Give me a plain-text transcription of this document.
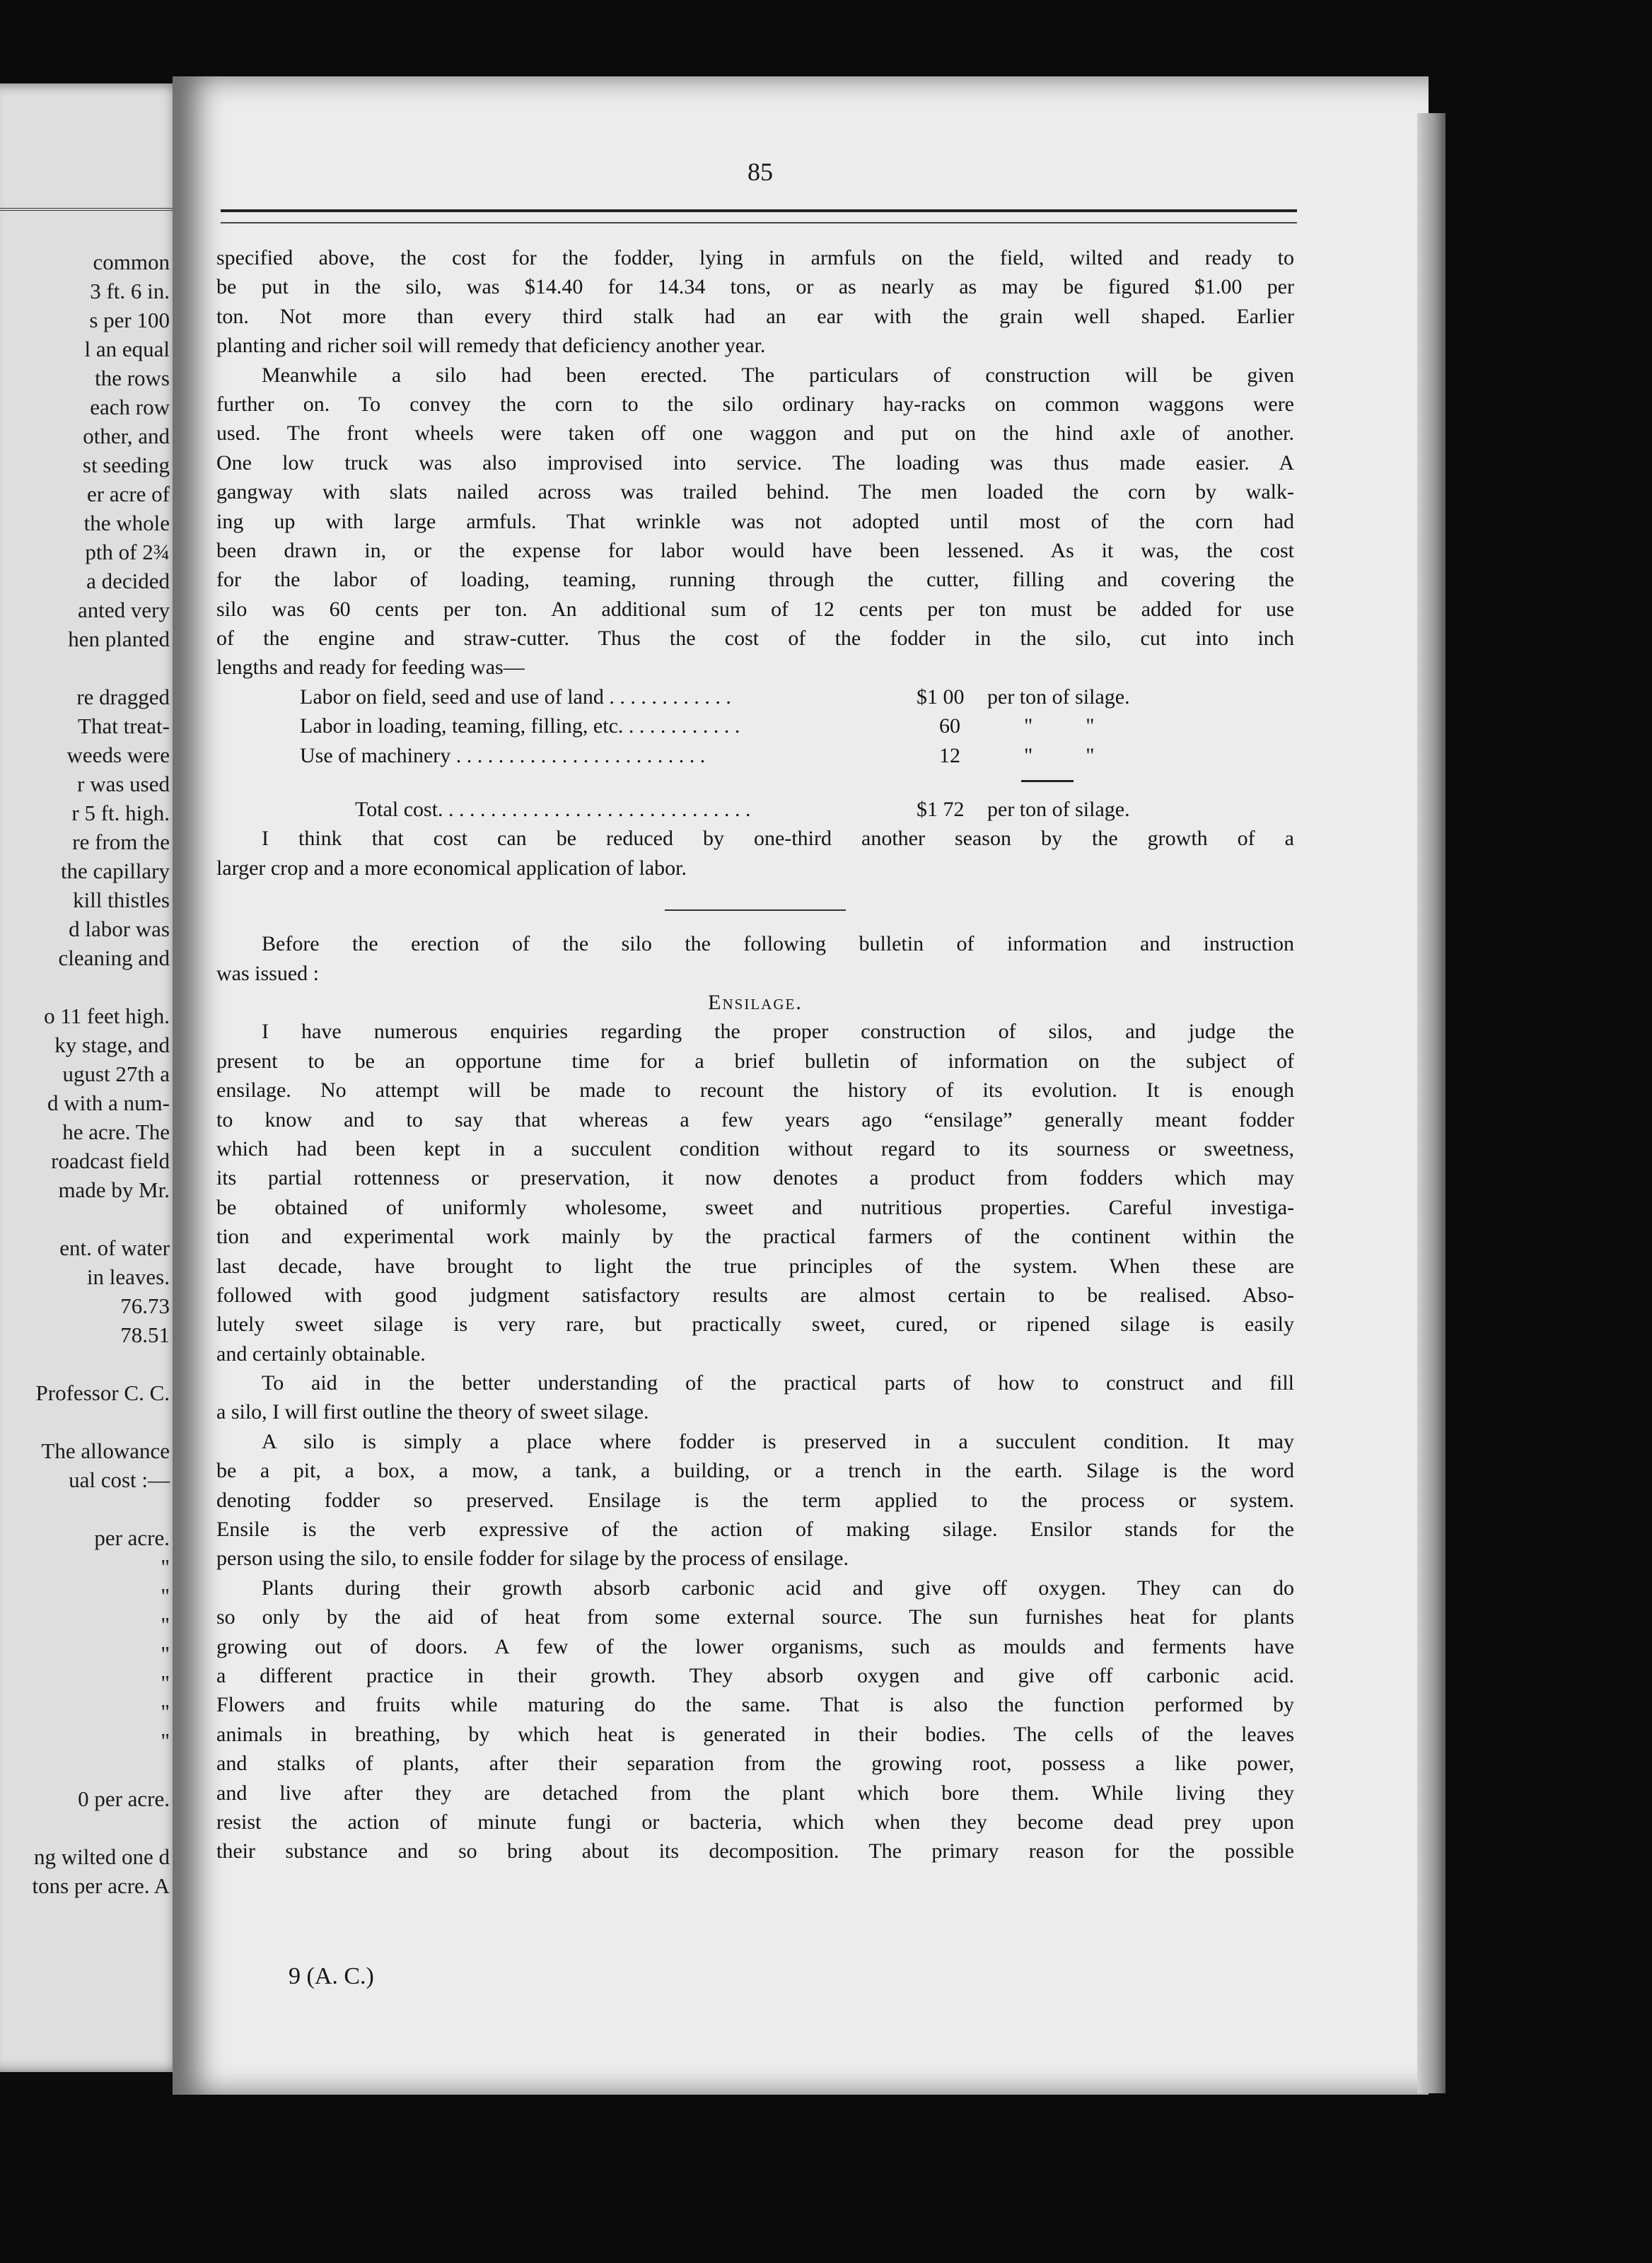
common
3 ft. 6 in.
s per 100
l an equal
the rows
each row
other, and
st seeding
er acre of
the whole
pth of 2¾
a decided
anted very
hen planted
re dragged
That treat-
weeds were
r was used
r 5 ft. high.
re from the
the capillary
kill thistles
d labor was
cleaning and
o 11 feet high.
ky stage, and
ugust 27th a
d with a num-
he acre. The
roadcast field
made by Mr.
ent. of water
in leaves.
76.73
78.51
Professor C. C.
The allowance
ual cost :—
per acre.
"
"
"
"
"
"
"
0 per acre.
ng wilted one d
tons per acre. A
85
specified above, the cost for the fodder, lying in armfuls on the field, wilted and ready to
be put in the silo, was $14.40 for 14.34 tons, or as nearly as may be figured $1.00 per
ton. Not more than every third stalk had an ear with the grain well shaped. Earlier
planting and richer soil will remedy that deficiency another year.
Meanwhile a silo had been erected. The particulars of construction will be given
further on. To convey the corn to the silo ordinary hay-racks on common waggons were
used. The front wheels were taken off one waggon and put on the hind axle of another.
One low truck was also improvised into service. The loading was thus made easier. A
gangway with slats nailed across was trailed behind. The men loaded the corn by walk-
ing up with large armfuls. That wrinkle was not adopted until most of the corn had
been drawn in, or the expense for labor would have been lessened. As it was, the cost
for the labor of loading, teaming, running through the cutter, filling and covering the
silo was 60 cents per ton. An additional sum of 12 cents per ton must be added for use
of the engine and straw-cutter. Thus the cost of the fodder in the silo, cut into inch
lengths and ready for feeding was—
Labor on field, seed and use of land . . . . . . . . . . . .	$1 00	per ton of silage.
Labor in loading, teaming, filling, etc. . . . . . . . . . . .	60	"          "
Use of machinery . . . . . . . . . . . . . . . . . . . . . . . .	12	"          "
Total cost. . . . . . . . . . . . . . . . . . . . . . . . . . . . . .	$1 72	per ton of silage.
I think that cost can be reduced by one-third another season by the growth of a
larger crop and a more economical application of labor.
Before the erection of the silo the following bulletin of information and instruction
was issued :
Ensilage.
I have numerous enquiries regarding the proper construction of silos, and judge the
present to be an opportune time for a brief bulletin of information on the subject of
ensilage. No attempt will be made to recount the history of its evolution. It is enough
to know and to say that whereas a few years ago “ensilage” generally meant fodder
which had been kept in a succulent condition without regard to its sourness or sweetness,
its partial rottenness or preservation, it now denotes a product from fodders which may
be obtained of uniformly wholesome, sweet and nutritious properties. Careful investiga-
tion and experimental work mainly by the practical farmers of the continent within the
last decade, have brought to light the true principles of the system. When these are
followed with good judgment satisfactory results are almost certain to be realised. Abso-
lutely sweet silage is very rare, but practically sweet, cured, or ripened silage is easily
and certainly obtainable.
To aid in the better understanding of the practical parts of how to construct and fill
a silo, I will first outline the theory of sweet silage.
A silo is simply a place where fodder is preserved in a succulent condition. It may
be a pit, a box, a mow, a tank, a building, or a trench in the earth. Silage is the word
denoting fodder so preserved. Ensilage is the term applied to the process or system.
Ensile is the verb expressive of the action of making silage. Ensilor stands for the
person using the silo, to ensile fodder for silage by the process of ensilage.
Plants during their growth absorb carbonic acid and give off oxygen. They can do
so only by the aid of heat from some external source. The sun furnishes heat for plants
growing out of doors. A few of the lower organisms, such as moulds and ferments have
a different practice in their growth. They absorb oxygen and give off carbonic acid.
Flowers and fruits while maturing do the same. That is also the function performed by
animals in breathing, by which heat is generated in their bodies. The cells of the leaves
and stalks of plants, after their separation from the growing root, possess a like power,
and live after they are detached from the plant which bore them. While living they
resist the action of minute fungi or bacteria, which when they become dead prey upon
their substance and so bring about its decomposition. The primary reason for the possible
9 (A. C.)
